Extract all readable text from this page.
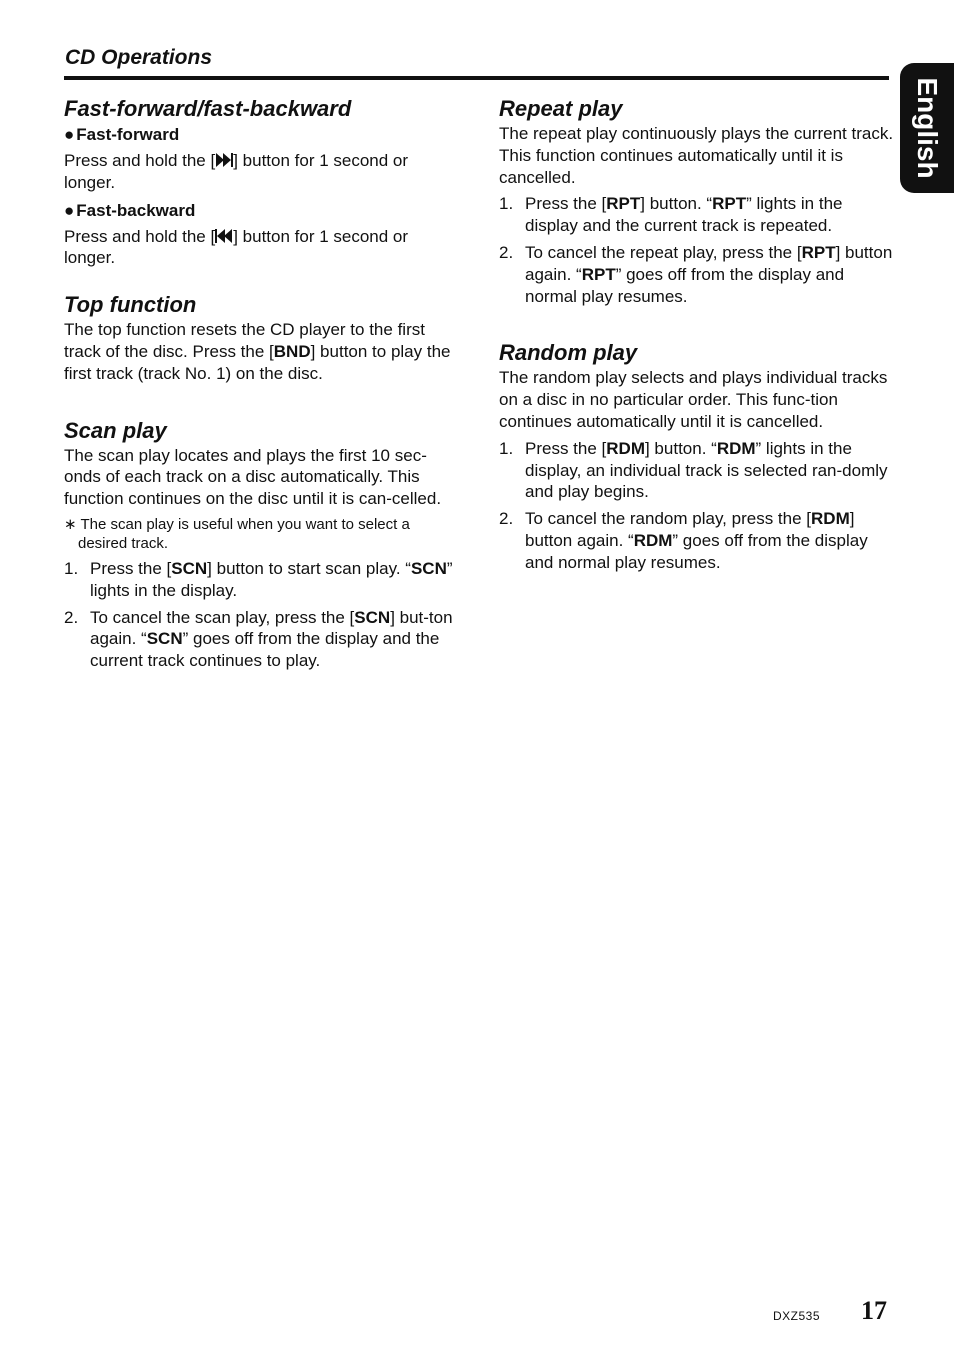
CD Operations
English
Fast-forward/fast-backward
● Fast-forward

Press and hold the [ ] button for 1 second or longer.

● Fast-backward

Press and hold the [ ] button for 1 second or longer.

Top function

The top function resets the CD player to the first track of the disc. Press the [BND] button to play the first track (track No. 1) on the disc.

Scan play

The scan play locates and plays the first 10 sec-onds of each track on a disc automatically. This function continues on the disc until it is can-celled.

∗ The scan play is useful when you want to select a desired track.

1. Press the [SCN] button to start scan play. “SCN” lights in the display.
2. To cancel the scan play, press the [SCN] but-ton again. “SCN” goes off from the display and the current track continues to play.
Repeat play

The repeat play continuously plays the current track. This function continues automatically until it is cancelled.

1. Press the [RPT] button. “RPT” lights in the display and the current track is repeated.
2. To cancel the repeat play, press the [RPT] button again. “RPT” goes off from the display and normal play resumes.
Random play

The random play selects and plays individual tracks on a disc in no particular order. This func-tion continues automatically until it is cancelled.

1. Press the [RDM] button. “RDM” lights in the display, an individual track is selected ran-domly and play begins.
2. To cancel the random play, press the [RDM] button again. “RDM” goes off from the display and normal play resumes.
DXZ535 17
